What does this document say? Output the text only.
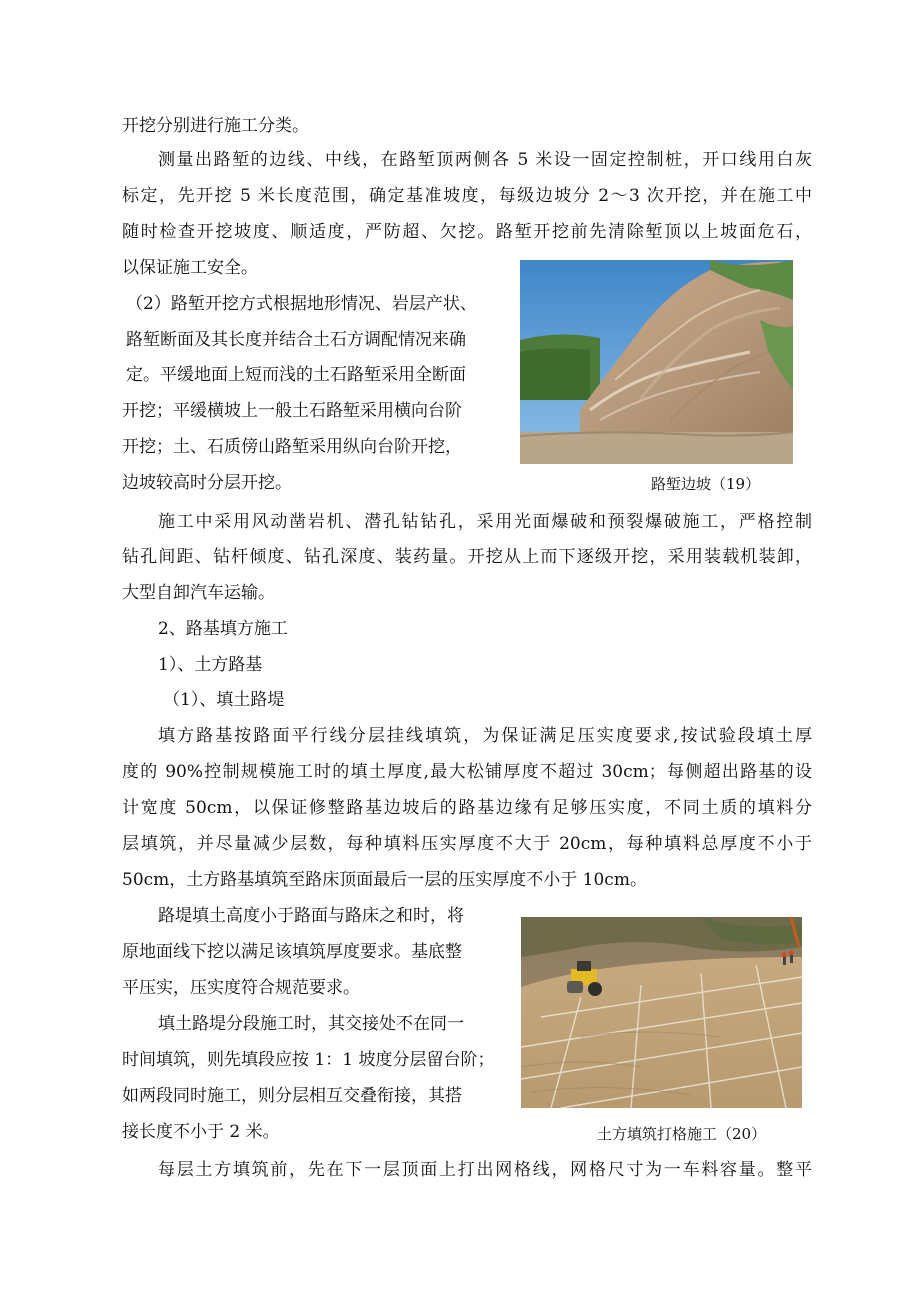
开挖分别进行施工分类。
测量出路堑的边线、中线，在路堑顶两侧各 5 米设一固定控制桩，开口线用白灰
标定，先开挖 5 米长度范围，确定基准坡度，每级边坡分 2～3 次开挖，并在施工中
随时检查开挖坡度、顺适度，严防超、欠挖。路堑开挖前先清除堑顶以上坡面危石，
以保证施工安全。
（2）路堑开挖方式根据地形情况、岩层产状、
路堑断面及其长度并结合土石方调配情况来确
定。平缓地面上短而浅的土石路堑采用全断面
开挖；平缓横坡上一般土石路堑采用横向台阶
开挖；土、石质傍山路堑采用纵向台阶开挖，
边坡较高时分层开挖。	路堑边坡（19）
施工中采用风动凿岩机、潜孔钻钻孔，采用光面爆破和预裂爆破施工，严格控制
钻孔间距、钻杆倾度、钻孔深度、装药量。开挖从上而下逐级开挖，采用装载机装卸，
大型自卸汽车运输。
2、路基填方施工
1）、土方路基
（1）、填土路堤
填方路基按路面平行线分层挂线填筑，为保证满足压实度要求,按试验段填土厚
度的 90%控制规模施工时的填土厚度,最大松铺厚度不超过 30cm；每侧超出路基的设
计宽度 50cm，以保证修整路基边坡后的路基边缘有足够压实度，不同土质的填料分
层填筑，并尽量减少层数，每种填料压实厚度不大于 20cm，每种填料总厚度不小于
50cm，土方路基填筑至路床顶面最后一层的压实厚度不小于 10cm。
路堤填土高度小于路面与路床之和时，将
原地面线下挖以满足该填筑厚度要求。基底整
平压实，压实度符合规范要求。
填土路堤分段施工时，其交接处不在同一
时间填筑，则先填段应按 1：1 坡度分层留台阶；
如两段同时施工，则分层相互交叠衔接，其搭
接长度不小于 2 米。	土方填筑打格施工（20）
每层土方填筑前，先在下一层顶面上打出网格线，网格尺寸为一车料容量。整平
